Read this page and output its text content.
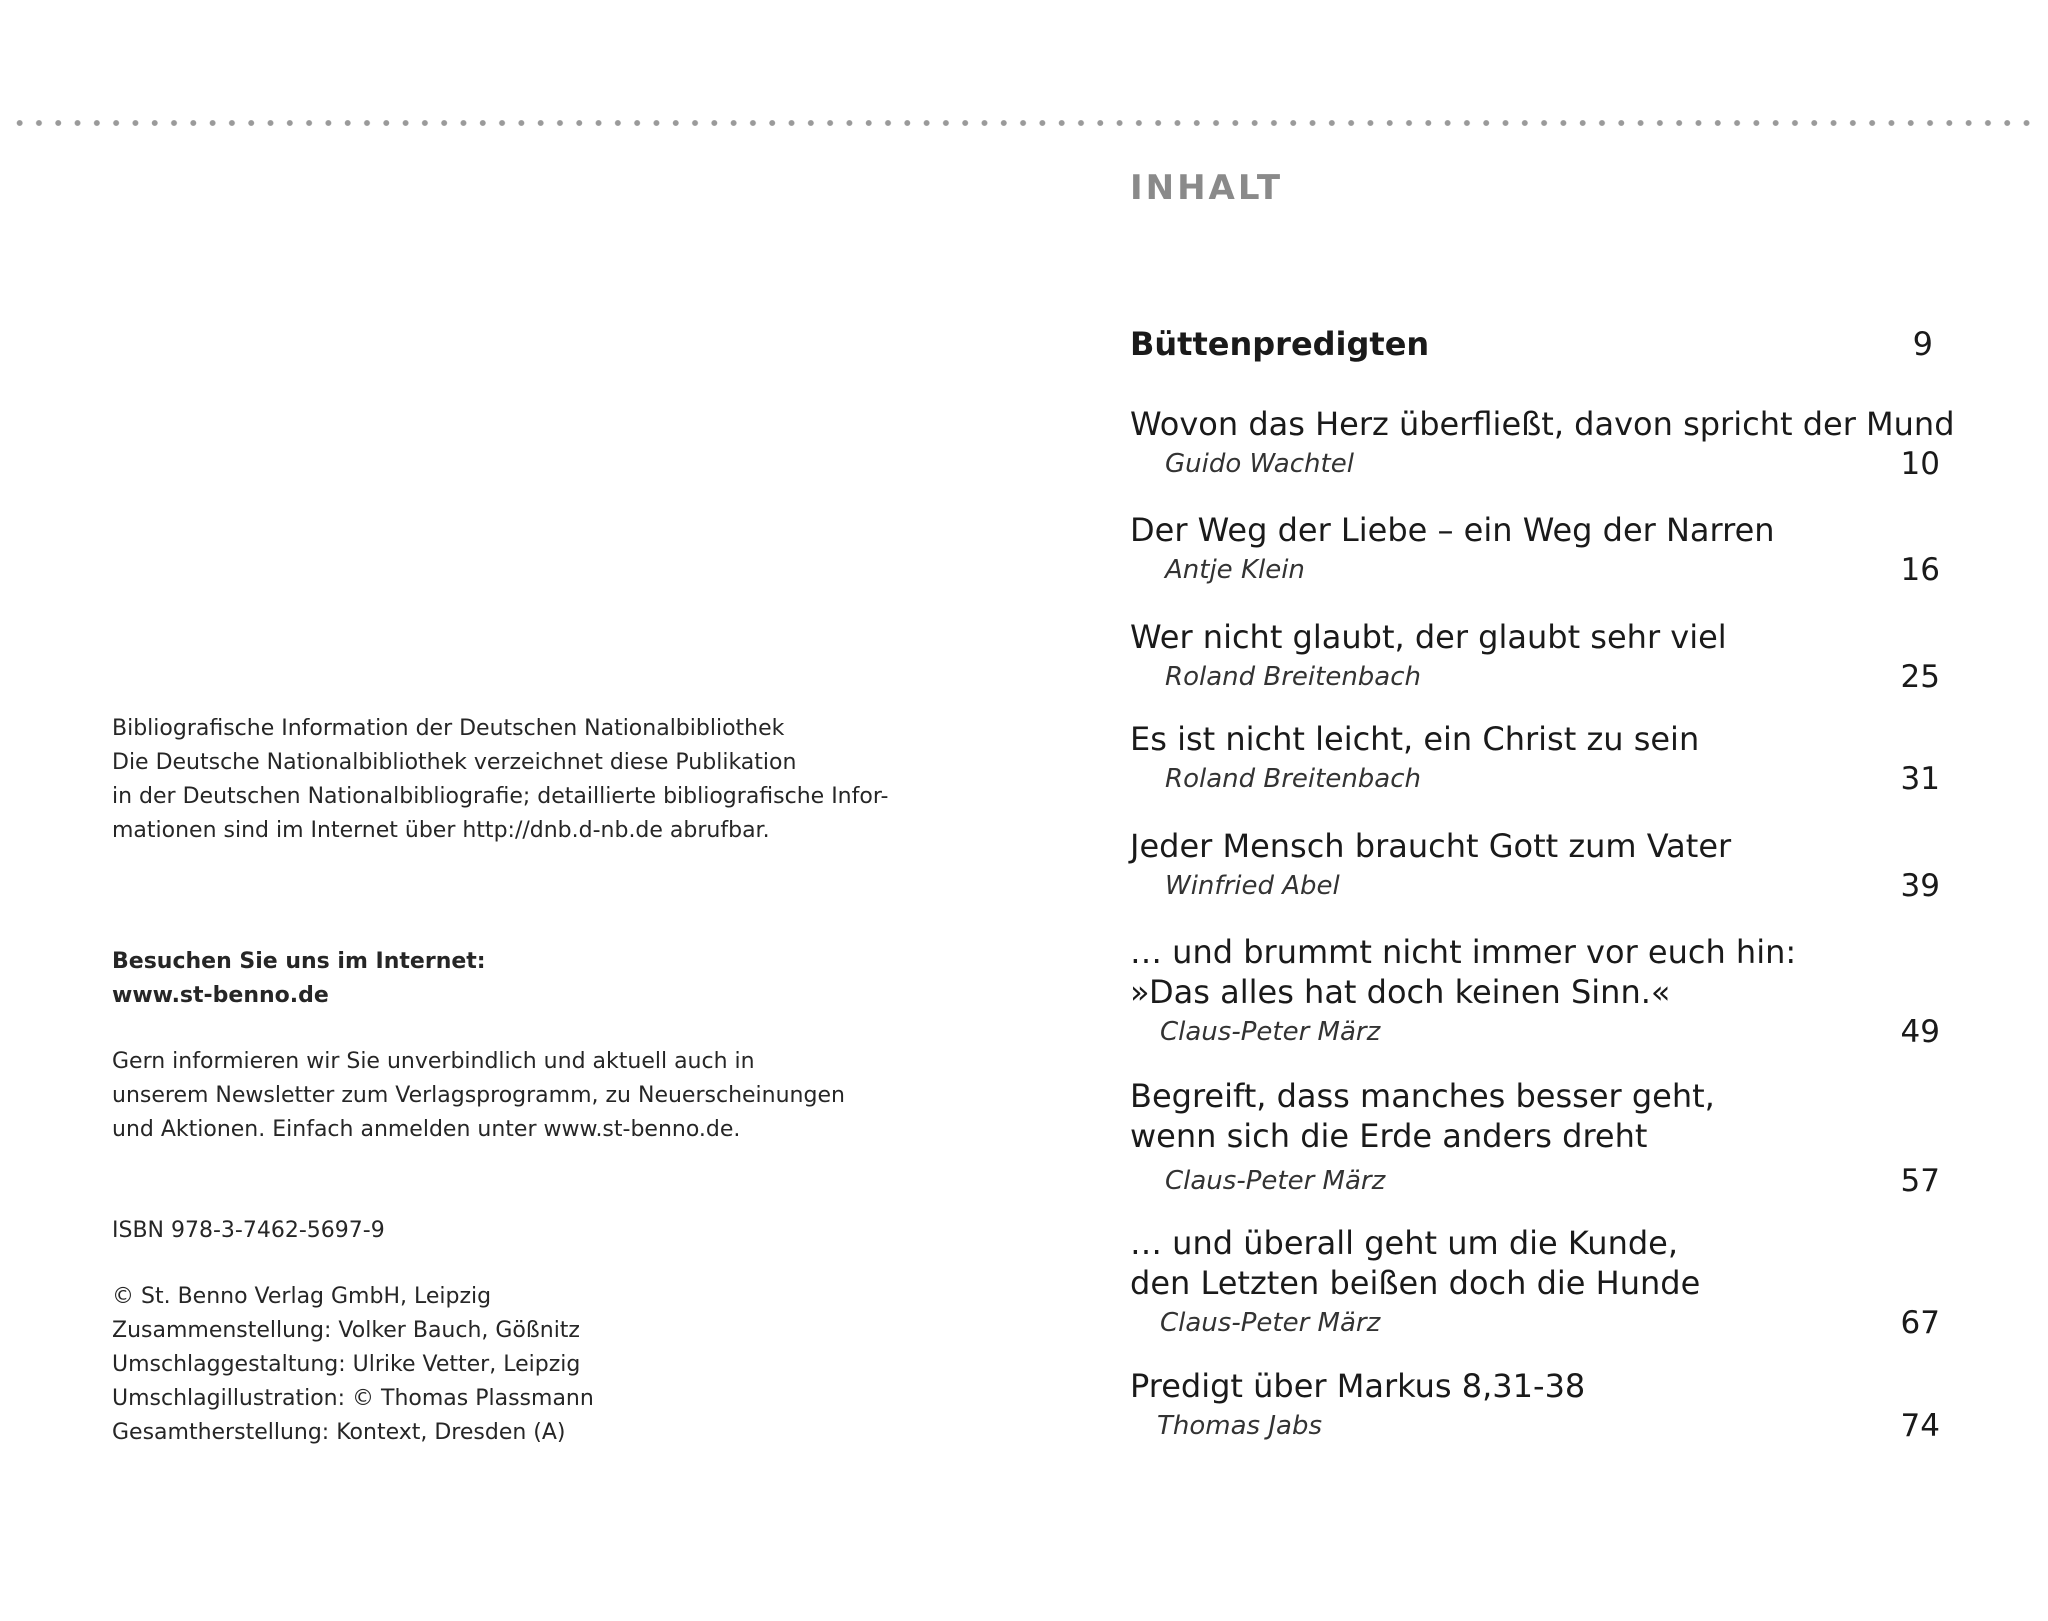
Bibliografische Information der Deutschen Nationalbibliothek
Die Deutsche Nationalbibliothek verzeichnet diese Publikation
in der Deutschen Nationalbibliografie; detaillierte bibliografische Infor-
mationen sind im Internet über http://dnb.d-nb.de abrufbar.
Besuchen Sie uns im Internet:
www.st-benno.de
Gern informieren wir Sie unverbindlich und aktuell auch in
unserem Newsletter zum Verlagsprogramm, zu Neuerscheinungen
und Aktionen. Einfach anmelden unter www.st-benno.de.
ISBN 978-3-7462-5697-9
© St. Benno Verlag GmbH, Leipzig
Zusammenstellung: Volker Bauch, Gößnitz
Umschlaggestaltung: Ulrike Vetter, Leipzig
Umschlagillustration: © Thomas Plassmann
Gesamtherstellung: Kontext, Dresden (A)
INHALT
Büttenpredigten	9
Wovon das Herz überfließt, davon spricht der Mund
Guido Wachtel	10
Der Weg der Liebe – ein Weg der Narren
Antje Klein	16
Wer nicht glaubt, der glaubt sehr viel
Roland Breitenbach	25
Es ist nicht leicht, ein Christ zu sein
Roland Breitenbach	31
Jeder Mensch braucht Gott zum Vater
Winfried Abel	39
… und brummt nicht immer vor euch hin:
»Das alles hat doch keinen Sinn.«
Claus-Peter März	49
Begreift, dass manches besser geht,
wenn sich die Erde anders dreht
Claus-Peter März	57
… und überall geht um die Kunde,
den Letzten beißen doch die Hunde
Claus-Peter März	67
Predigt über Markus 8,31-38
Thomas Jabs	74
